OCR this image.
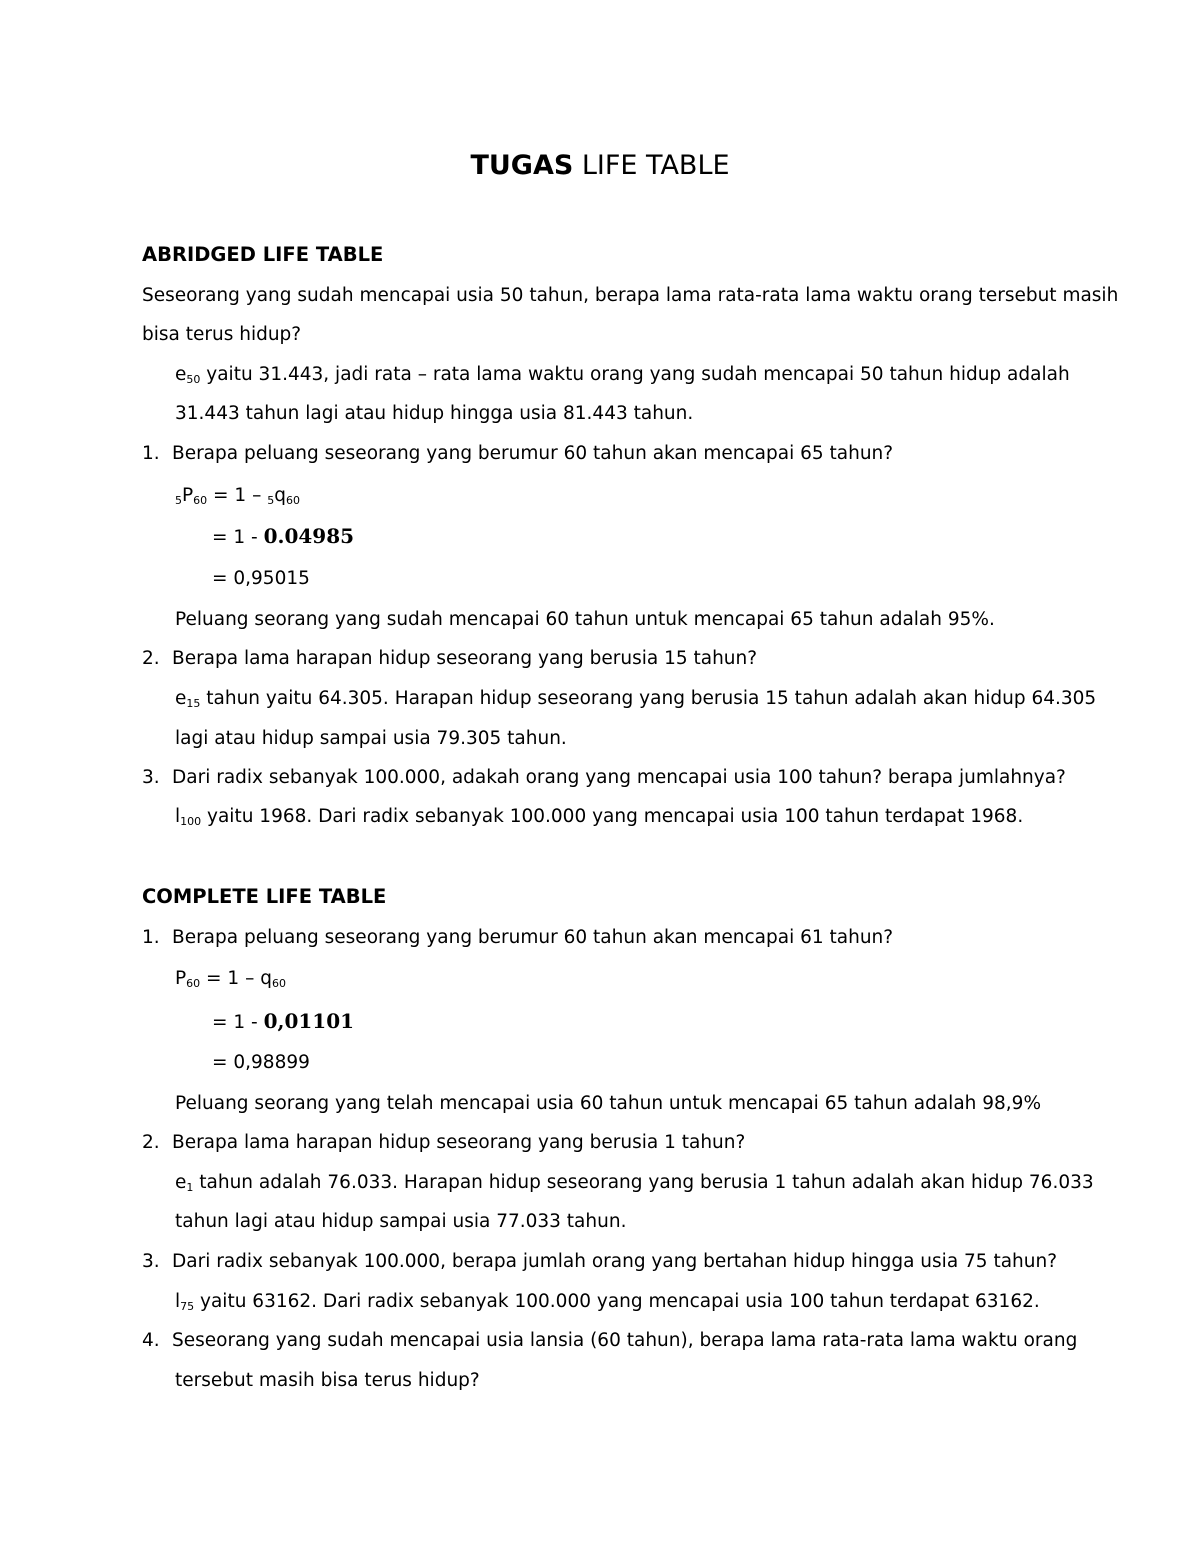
TUGAS LIFE TABLE
ABRIDGED LIFE TABLE
Seseorang yang sudah mencapai usia 50 tahun, berapa lama rata-rata lama waktu orang tersebut masih
bisa terus hidup?
$e_{50}$ yaitu 31.443, jadi rata – rata lama waktu orang yang sudah mencapai 50 tahun hidup adalah
31.443 tahun lagi atau hidup hingga usia 81.443 tahun.
1. Berapa peluang seseorang yang berumur 60 tahun akan mencapai 65 tahun?
$5P_{60} = 1 - 5q_{60}$
= 1 - 0.04985
= 0,95015
Peluang seorang yang sudah mencapai 60 tahun untuk mencapai 65 tahun adalah 95%.
2. Berapa lama harapan hidup seseorang yang berusia 15 tahun?
$e_{15}$ tahun yaitu 64.305. Harapan hidup seseorang yang berusia 15 tahun adalah akan hidup 64.305
lagi atau hidup sampai usia 79.305 tahun.
3. Dari radix sebanyak 100.000, adakah orang yang mencapai usia 100 tahun? berapa jumlahnya?
$l_{100}$ yaitu 1968. Dari radix sebanyak 100.000 yang mencapai usia 100 tahun terdapat 1968.
COMPLETE LIFE TABLE
1. Berapa peluang seseorang yang berumur 60 tahun akan mencapai 61 tahun?
$P_{60} = 1 - q_{60}$
= 1 - 0,01101
= 0,98899
Peluang seorang yang telah mencapai usia 60 tahun untuk mencapai 65 tahun adalah 98,9%
2. Berapa lama harapan hidup seseorang yang berusia 1 tahun?
$e_1$ tahun adalah 76.033. Harapan hidup seseorang yang berusia 1 tahun adalah akan hidup 76.033
tahun lagi atau hidup sampai usia 77.033 tahun.
3. Dari radix sebanyak 100.000, berapa jumlah orang yang bertahan hidup hingga usia 75 tahun?
$l_{75}$ yaitu 63162. Dari radix sebanyak 100.000 yang mencapai usia 100 tahun terdapat 63162.
4. Seseorang yang sudah mencapai usia lansia (60 tahun), berapa lama rata-rata lama waktu orang
tersebut masih bisa terus hidup?
